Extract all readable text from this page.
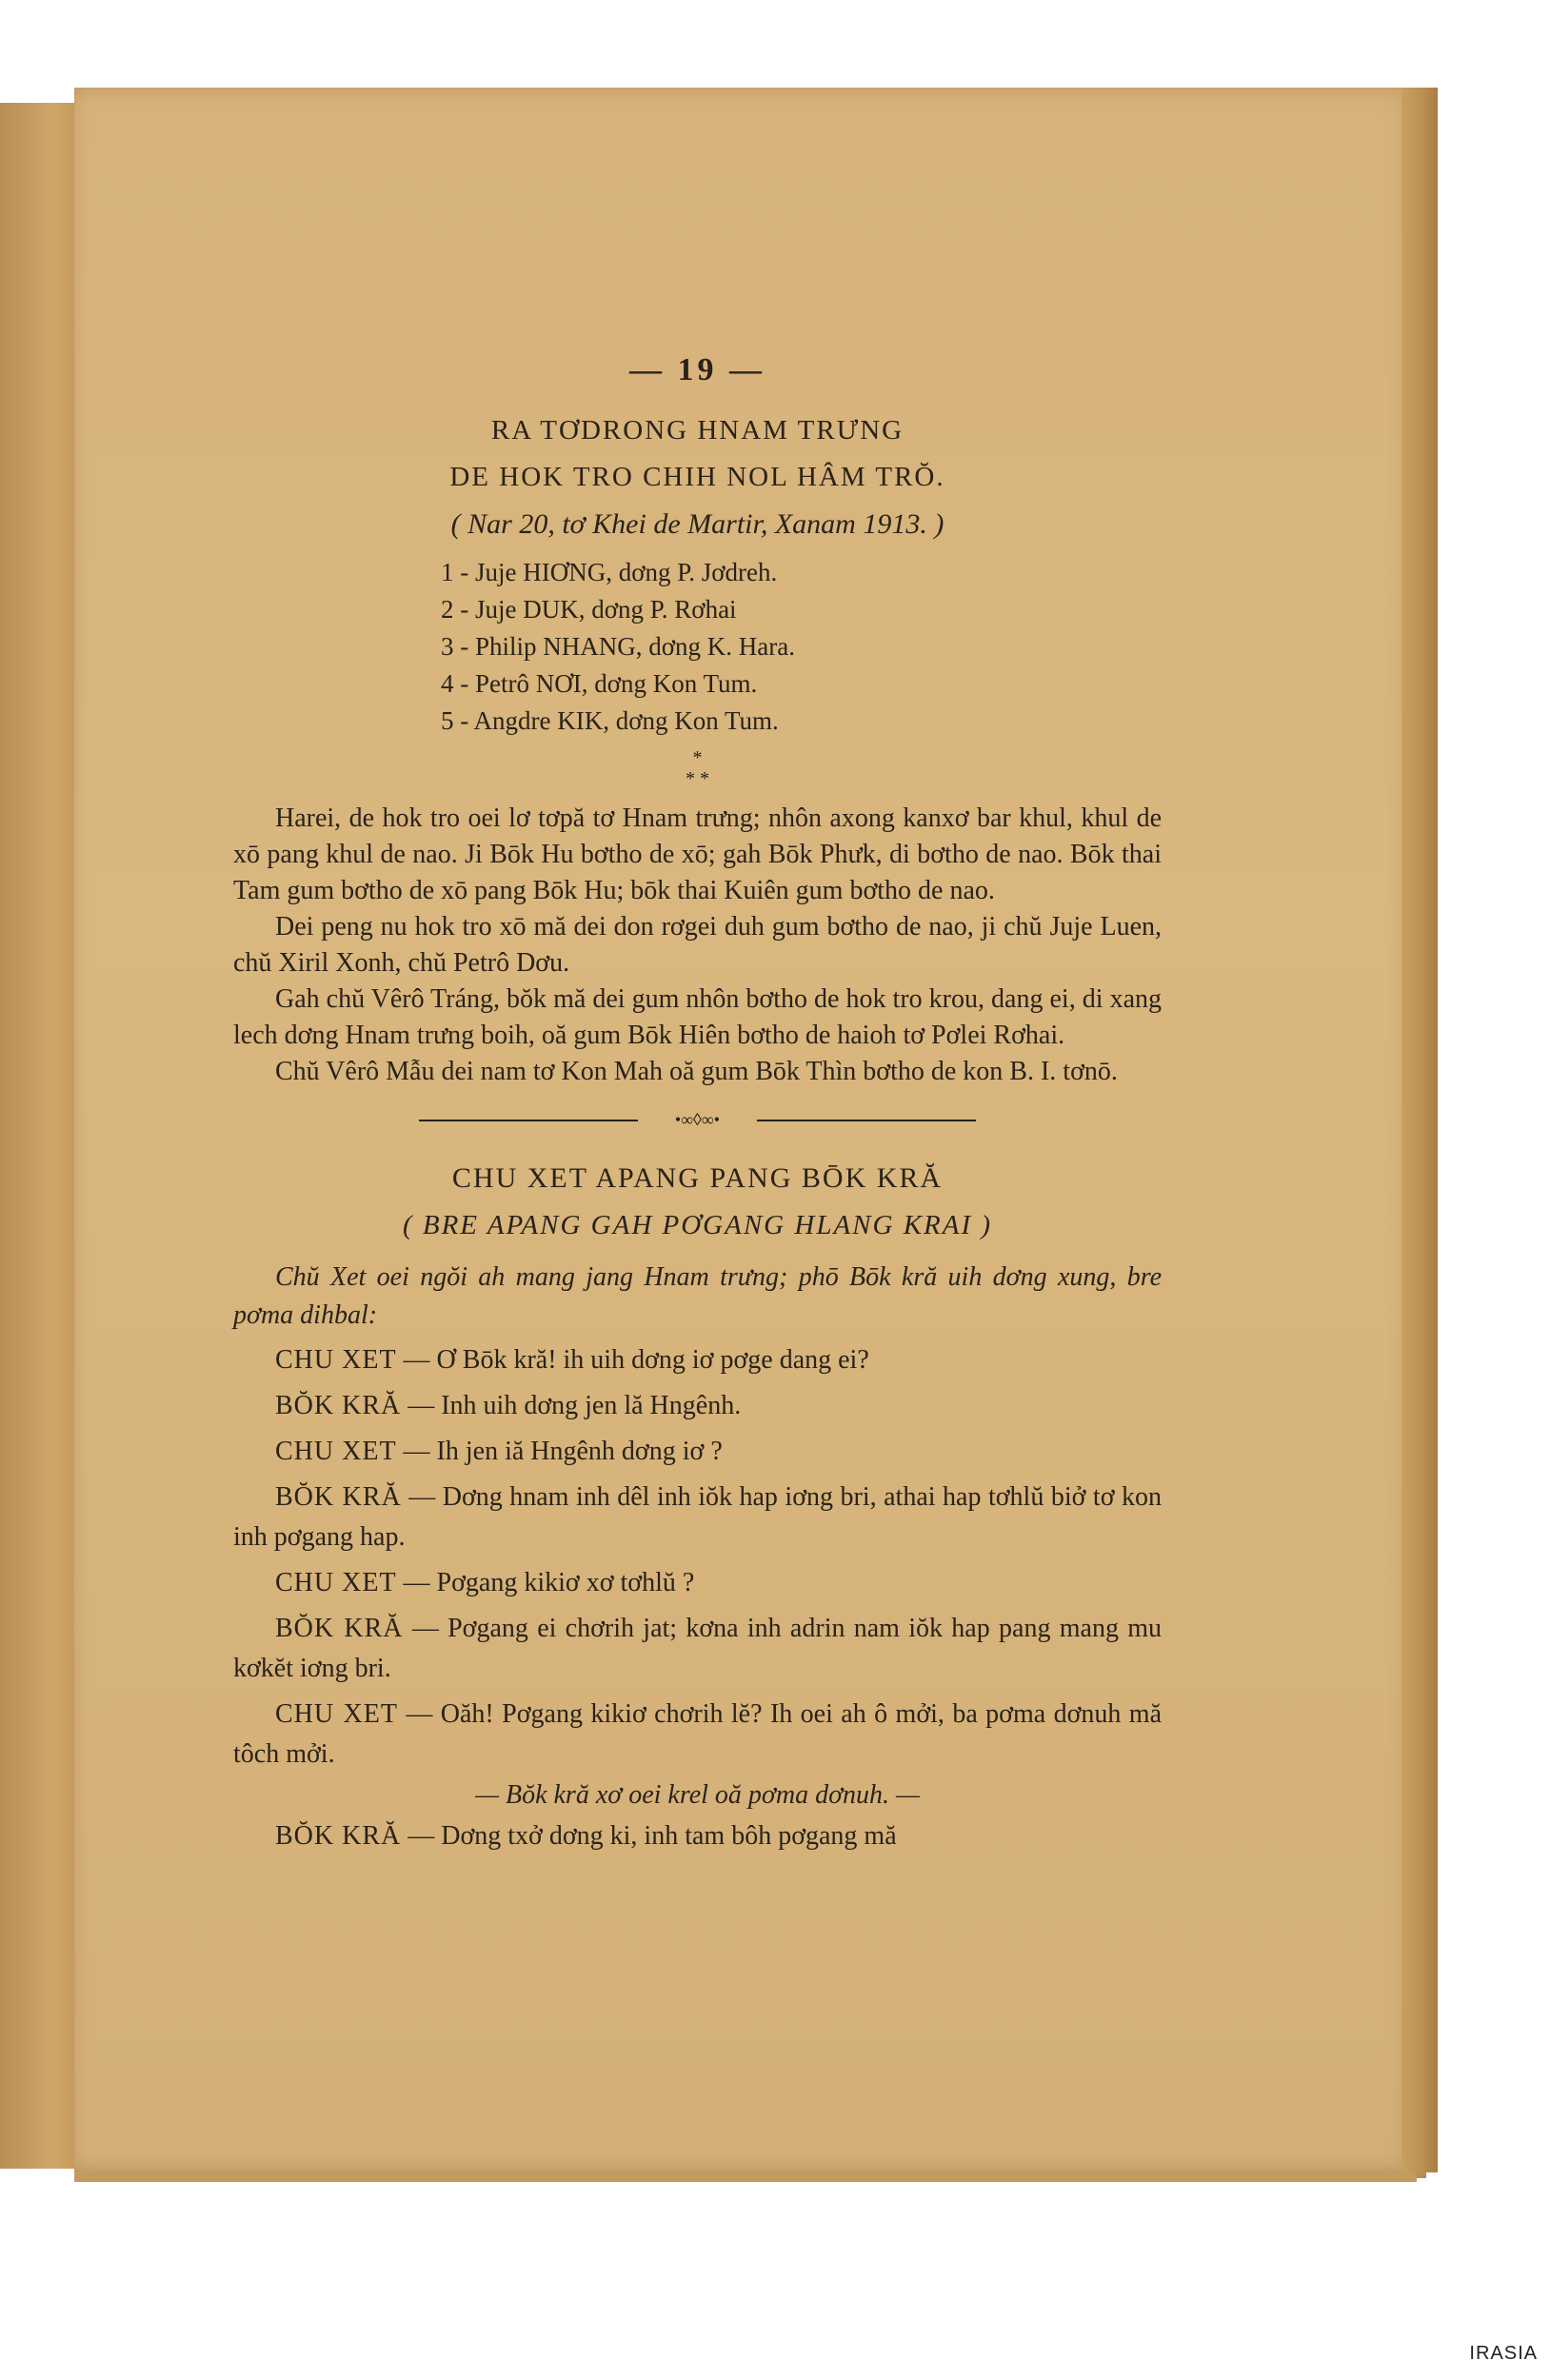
— 19 —
RA TƠDRONG HNAM TRƯNG
DE HOK TRO CHIH NOL HÂM TRŎ.
( Nar 20, tơ Khei de Martir, Xanam 1913. )
1 - Juje HIƠNG, dơng P. Jơdreh.
2 - Juje DUK, dơng P. Rơhai
3 - Philip NHANG, dơng K. Hara.
4 - Petrô NƠI, dơng Kon Tum.
5 - Angdre KIK, dơng Kon Tum.
*
* *

Harei, de hok tro oei lơ tơpă tơ Hnam trưng; nhôn axong kanxơ bar khul, khul de xō pang khul de nao. Ji Bōk Hu bơtho de xō; gah Bōk Phưk, di bơtho de nao. Bōk thai Tam gum bơtho de xō pang Bōk Hu; bōk thai Kuiên gum bơtho de nao.

Dei peng nu hok tro xō mă dei don rơgei duh gum bơtho de nao, ji chŭ Juje Luen, chŭ Xiril Xonh, chŭ Petrô Dơu.

Gah chŭ Vêrô Tráng, bŏk mă dei gum nhôn bơtho de hok tro krou, dang ei, di xang lech dơng Hnam trưng boih, oă gum Bōk Hiên bơtho de haioh tơ Pơlei Rơhai.

Chŭ Vêrô Mẫu dei nam tơ Kon Mah oă gum Bōk Thìn bơtho de kon B. I. tơnō.

•∞◊∞•
CHU XET APANG PANG BŌK KRĂ
( BRE APANG GAH PƠGANG HLANG KRAI )

Chŭ Xet oei ngŏi ah mang jang Hnam trưng; phō Bōk kră uih dơng xung, bre pơma dihbal:

CHU XET — Ơ Bōk kră! ih uih dơng iơ pơge dang ei?

BŎK KRĂ — Inh uih dơng jen lă Hngênh.

CHU XET — Ih jen iă Hngênh dơng iơ ?

BŎK KRĂ — Dơng hnam inh dêl inh iŏk hap iơng bri, athai hap tơhlŭ biở tơ kon inh pơgang hap.

CHU XET — Pơgang kikiơ xơ tơhlŭ ?

BŎK KRĂ — Pơgang ei chơrih jat; kơna inh adrin nam iŏk hap pang mang mu kơkĕt iơng bri.

CHU XET — Oăh! Pơgang kikiơ chơrih lĕ? Ih oei ah ô mởi, ba pơma dơnuh mă tôch mởi.

— Bŏk kră xơ oei krel oă pơma dơnuh. —

BŎK KRĂ — Dơng txở dơng ki, inh tam bôh pơgang mă

IRASIA
